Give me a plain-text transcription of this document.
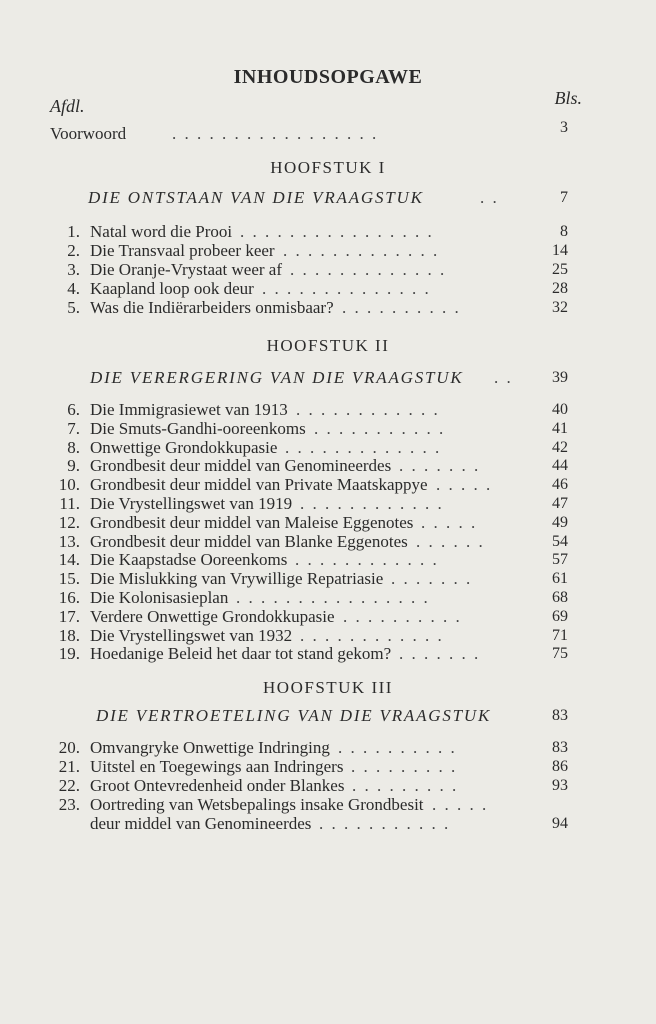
INHOUDSOPGAWE
Afdl.	Bls.
Voorwoord	. . . . . . . . . . . . . . . . .	3
HOOFSTUK I
DIE ONTSTAAN VAN DIE VRAAGSTUK	. .	7
1. Natal word die Prooi . . . . . . . . . . . . . . . .	8
2. Die Transvaal probeer keer . . . . . . . . . . . . .	14
3. Die Oranje-Vrystaat weer af . . . . . . . . . . . . .	25
4. Kaapland loop ook deur . . . . . . . . . . . . . .	28
5. Was die Indiërarbeiders onmisbaar? . . . . . . . . . .	32
HOOFSTUK II
DIE VERERGERING VAN DIE VRAAGSTUK . . 39
6. Die Immigrasiewet van 1913 . . . . . . . . . . . .	40
7. Die Smuts-Gandhi-ooreenkoms . . . . . . . . . . .	41
8. Onwettige Grondokkupasie . . . . . . . . . . . . .	42
9. Grondbesit deur middel van Genomineerdes . . . . . . .	44
10. Grondbesit deur middel van Private Maatskappye . . . . .	46
11. Die Vrystellingswet van 1919 . . . . . . . . . . . .	47
12. Grondbesit deur middel van Maleise Eggenotes . . . . .	49
13. Grondbesit deur middel van Blanke Eggenotes . . . . . .	54
14. Die Kaapstadse Ooreenkoms . . . . . . . . . . . .	57
15. Die Mislukking van Vrywillige Repatriasie . . . . . . .	61
16. Die Kolonisasieplan . . . . . . . . . . . . . . . .	68
17. Verdere Onwettige Grondokkupasie . . . . . . . . . .	69
18. Die Vrystellingswet van 1932 . . . . . . . . . . . .	71
19. Hoedanige Beleid het daar tot stand gekom? . . . . . . .	75
HOOFSTUK III
DIE VERTROETELING VAN DIE VRAAGSTUK	83
20. Omvangryke Onwettige Indringing . . . . . . . . . .	83
21. Uitstel en Toegewings aan Indringers . . . . . . . . .	86
22. Groot Ontevredenheid onder Blankes . . . . . . . . .	93
23. Oortreding van Wetsbepalings insake Grondbesit . . . . .
deur middel van Genomineerdes . . . . . . . . . . .	94
